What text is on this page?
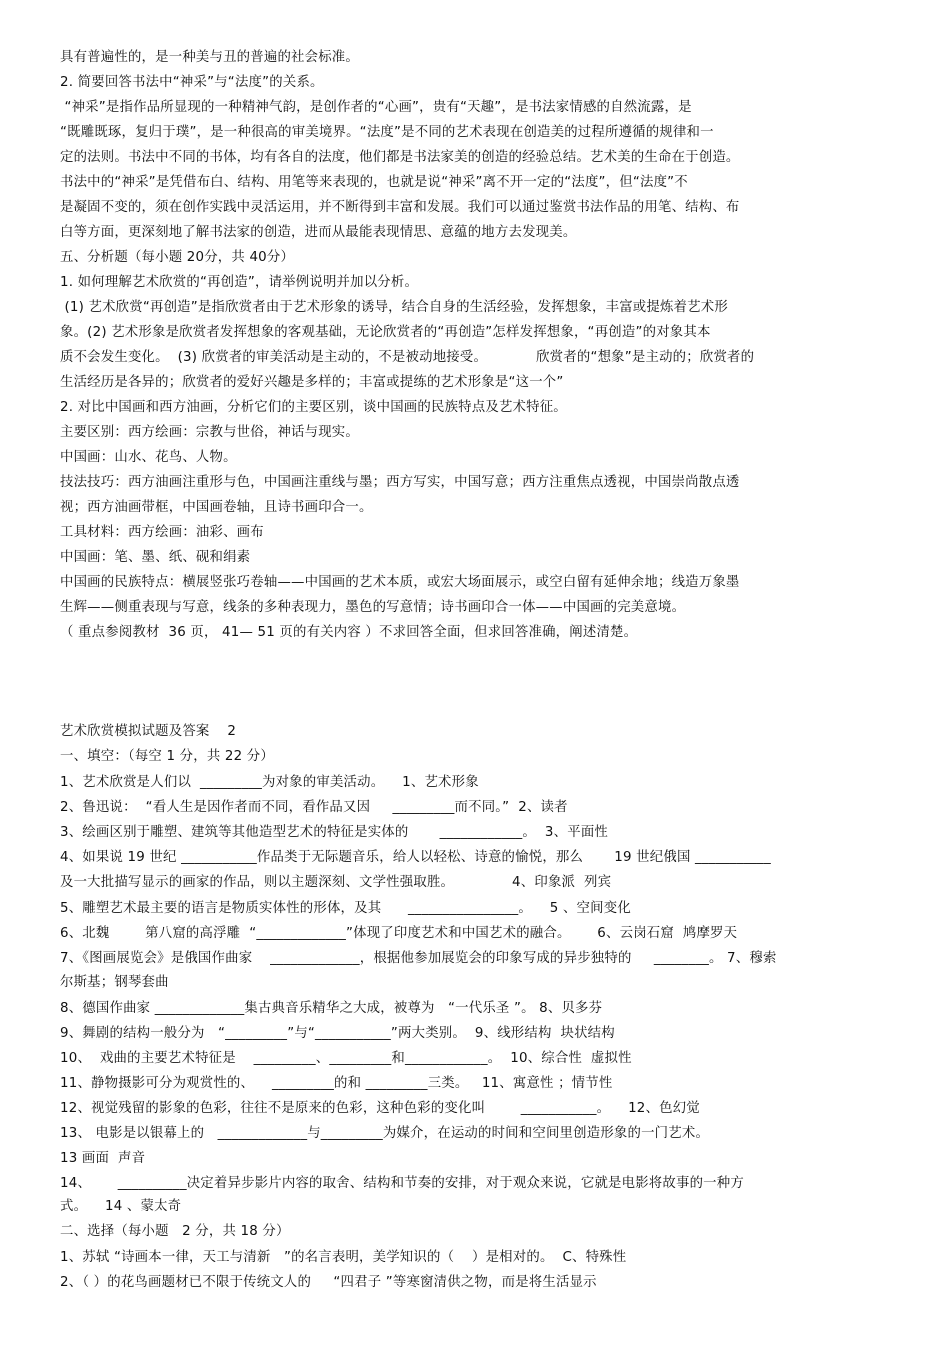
具有普遍性的，是一种美与丑的普遍的社会标准。
2. 简要回答书法中“神采”与“法度”的关系。
“神采”是指作品所显现的一种精神气韵，是创作者的“心画”，贵有“天趣”，是书法家情感的自然流露，是
“既雕既琢，复归于璞”，是一种很高的审美境界。“法度”是不同的艺术表现在创造美的过程所遵循的规律和一
定的法则。书法中不同的书体，均有各自的法度，他们都是书法家美的创造的经验总结。艺术美的生命在于创造。
书法中的“神采”是凭借布白、结构、用笔等来表现的，也就是说“神采”离不开一定的“法度”，但“法度”不
是凝固不变的，须在创作实践中灵活运用，并不断得到丰富和发展。我们可以通过鉴赏书法作品的用笔、结构、布
白等方面，更深刻地了解书法家的创造，进而从最能表现情思、意蕴的地方去发现美。
五、分析题（每小题 20分，共 40分）
1. 如何理解艺术欣赏的“再创造”，请举例说明并加以分析。
(1) 艺术欣赏“再创造”是指欣赏者由于艺术形象的诱导，结合自身的生活经验，发挥想象，丰富或提炼着艺术形
象。(2) 艺术形象是欣赏者发挥想象的客观基础，无论欣赏者的“再创造”怎样发挥想象，“再创造”的对象其本
质不会发生变化。  (3) 欣赏者的审美活动是主动的，不是被动地接受。           欣赏者的“想象”是主动的；欣赏者的
生活经历是各异的；欣赏者的爱好兴趣是多样的；丰富或提练的艺术形象是“这一个”
2. 对比中国画和西方油画，分析它们的主要区别，谈中国画的民族特点及艺术特征。
主要区别：西方绘画：宗教与世俗，神话与现实。
中国画：山水、花鸟、人物。
技法技巧：西方油画注重形与色，中国画注重线与墨；西方写实，中国写意；西方注重焦点透视，中国崇尚散点透
视；西方油画带框，中国画卷轴，且诗书画印合一。
工具材料：西方绘画：油彩、画布
中国画：笔、墨、纸、砚和绢素
中国画的民族特点：横展竖张巧卷轴——中国画的艺术本质，或宏大场面展示，或空白留有延伸余地；线造万象墨
生辉——侧重表现与写意，线条的多种表现力，墨色的写意情；诗书画印合一体——中国画的完美意境。
（ 重点参阅教材  36 页， 41— 51 页的有关内容 ）不求回答全面，但求回答准确，阐述清楚。
艺术欣赏模拟试题及答案    2
一、填空：（每空 1 分，共 22 分）
1、艺术欣赏是人们以  _________为对象的审美活动。    1、艺术形象
2、鲁迅说：  “看人生是因作者而不同，看作品又因     _________而不同。”  2、读者
3、绘画区别于雕塑、建筑等其他造型艺术的特征是实体的       ____________。  3、平面性
4、如果说 19 世纪 ___________作品类于无际题音乐，给人以轻松、诗意的愉悦，那么       19 世纪俄国 ___________
及一大批描写显示的画家的作品，则以主题深刻、文学性强取胜。             4、印象派  列宾
5、雕塑艺术最主要的语言是物质实体性的形体，及其      ________________。    5 、空间变化
6、北魏        第八窟的高浮雕  “_____________”体现了印度艺术和中国艺术的融合。      6、云岗石窟  鸠摩罗天
7、《图画展览会》是俄国作曲家    _____________，根据他参加展览会的印象写成的异步独特的     ________。 7、穆索
尔斯基；钢琴套曲
8、德国作曲家 _____________集古典音乐精华之大成，被尊为   “一代乐圣 ”。 8、贝多芬
9、舞剧的结构一般分为   “_________”与“___________”两大类别。  9、线形结构  块状结构
10、  戏曲的主要艺术特征是    _________、_________和____________。  10、综合性  虚拟性
11、静物摄影可分为观赏性的、    _________的和 _________三类。   11、寓意性 ；情节性
12、视觉残留的影象的色彩，往往不是原来的色彩，这种色彩的变化叫        ___________。    12、色幻觉
13、 电影是以银幕上的   _____________与_________为媒介，在运动的时间和空间里创造形象的一门艺术。
13 画面  声音
14、      __________决定着异步影片内容的取舍、结构和节奏的安排，对于观众来说，它就是电影将故事的一种方
式。    14 、蒙太奇
二、选择（每小题   2 分，共 18 分）
1、苏轼 “诗画本一律，天工与清新   ”的名言表明，美学知识的（    ）是相对的。  C、特殊性
2、（ ）的花鸟画题材已不限于传统文人的     “四君子 ”等寒窗清供之物，而是将生活显示
